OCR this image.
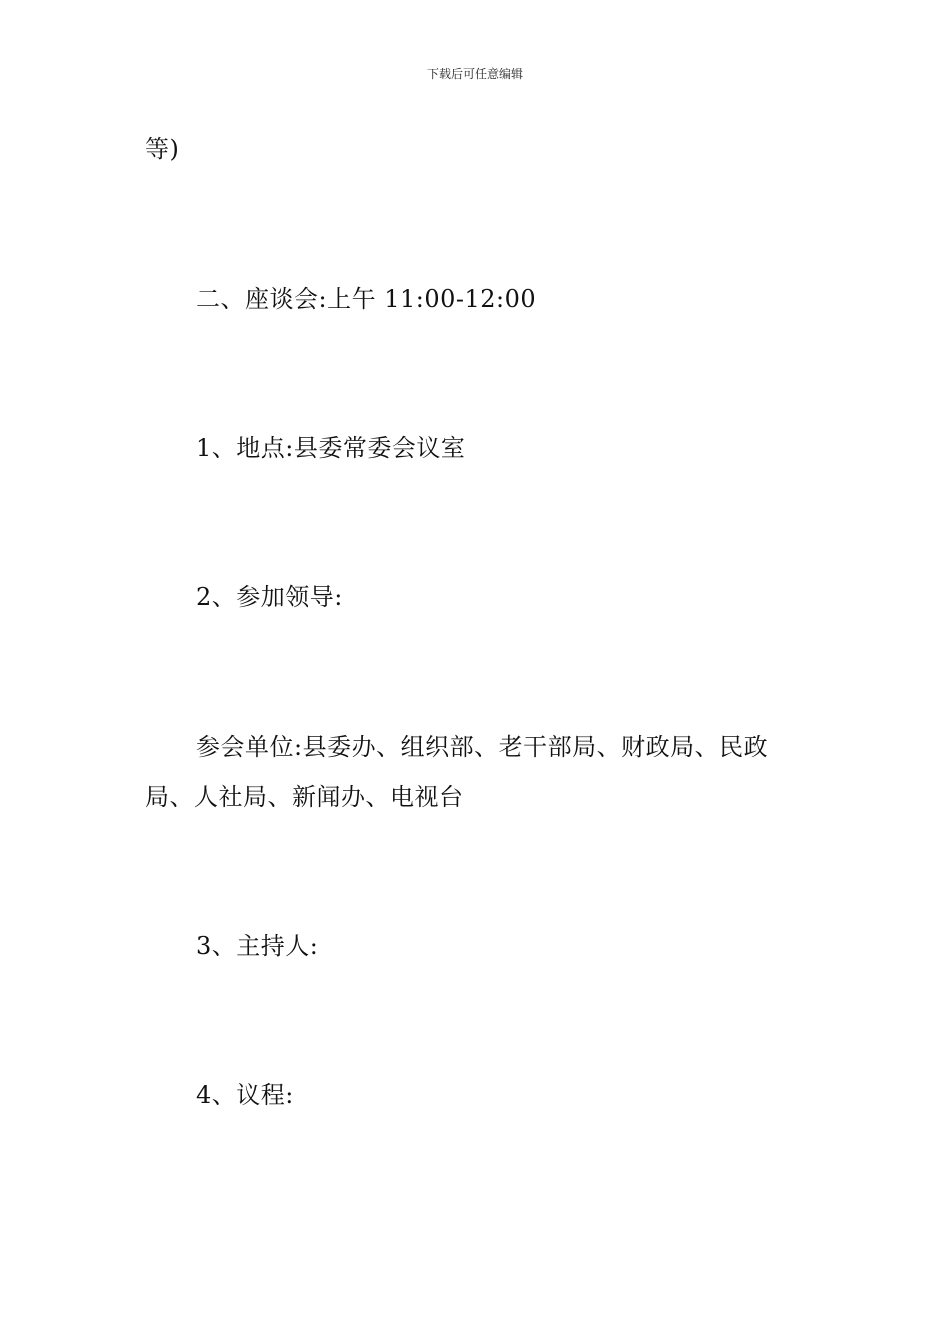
下载后可任意编辑
等)
二、座谈会:上午 11:00-12:00
1、地点:县委常委会议室
2、参加领导:
参会单位:县委办、组织部、老干部局、财政局、民政
局、人社局、新闻办、电视台
3、主持人:
4、议程:
